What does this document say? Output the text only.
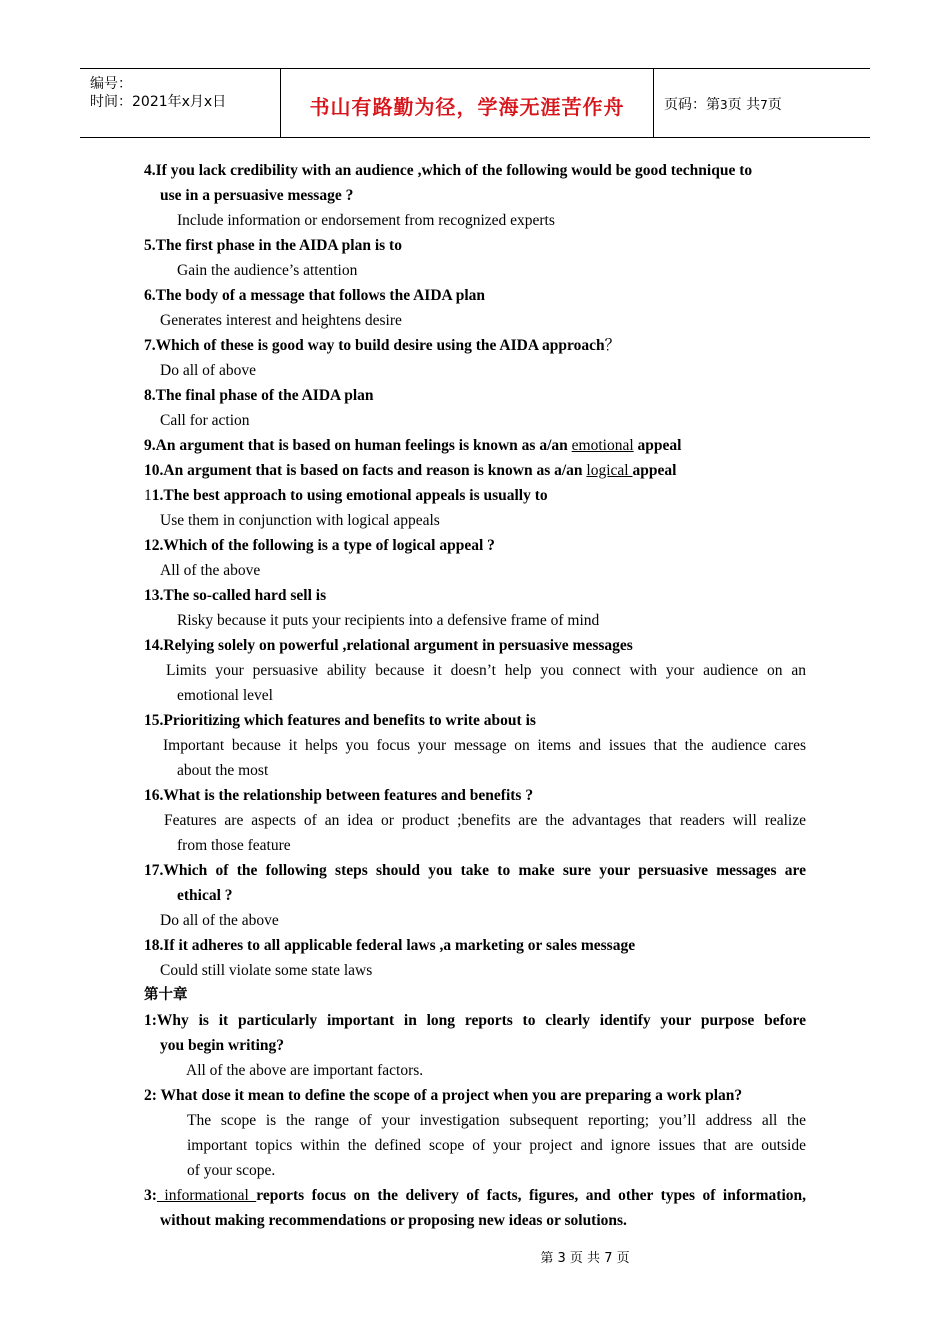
编号：
时间：2021年x月x日	书山有路勤为径，学海无涯苦作舟	页码：第3页 共7页
4.If you lack credibility with an audience ,which of the following would be good technique to
use in a persuasive message ?
Include information or endorsement from recognized experts
5.The first phase in the AIDA plan is to
Gain the audience’s attention
6.The body of a message that follows the AIDA plan
Generates interest and heightens desire
7.Which of these is good way to build desire using the AIDA approach？
Do all of above
8.The final phase of the AIDA plan
Call for action
9.An argument that is based on human feelings is known as a/an emotional appeal
10.An argument that is based on facts and reason is known as a/an logical appeal
11.The best approach to using emotional appeals is usually to
Use them in conjunction with logical appeals
12.Which of the following is a type of logical appeal ?
All of the above
13.The so-called hard sell is
Risky because it puts your recipients into a defensive frame of mind
14.Relying solely on powerful ,relational argument in persuasive messages
Limits your persuasive ability because it doesn’t help you connect with your audience on an
emotional level
15.Prioritizing which features and benefits to write about is
Important because it helps you focus your message on items and issues that the audience cares
about the most
16.What is the relationship between features and benefits ?
Features are aspects of an idea or product ;benefits are the advantages that readers will realize
from those feature
17.Which of the following steps should you take to make sure your persuasive messages are
ethical ?
Do all of the above
18.If it adheres to all applicable federal laws ,a marketing or sales message
Could still violate some state laws
第十章
1:Why is it particularly important in long reports to clearly identify your purpose before
you begin writing?
All of the above are important factors.
2: What dose it mean to define the scope of a project when you are preparing a work plan?
The scope is the range of your investigation subsequent reporting; you’ll address all the
important topics within the defined scope of your project and ignore issues that are outside
of your scope.
3: informational reports focus on the delivery of facts, figures, and other types of information,
without making recommendations or proposing new ideas or solutions.
第 3 页 共 7 页
